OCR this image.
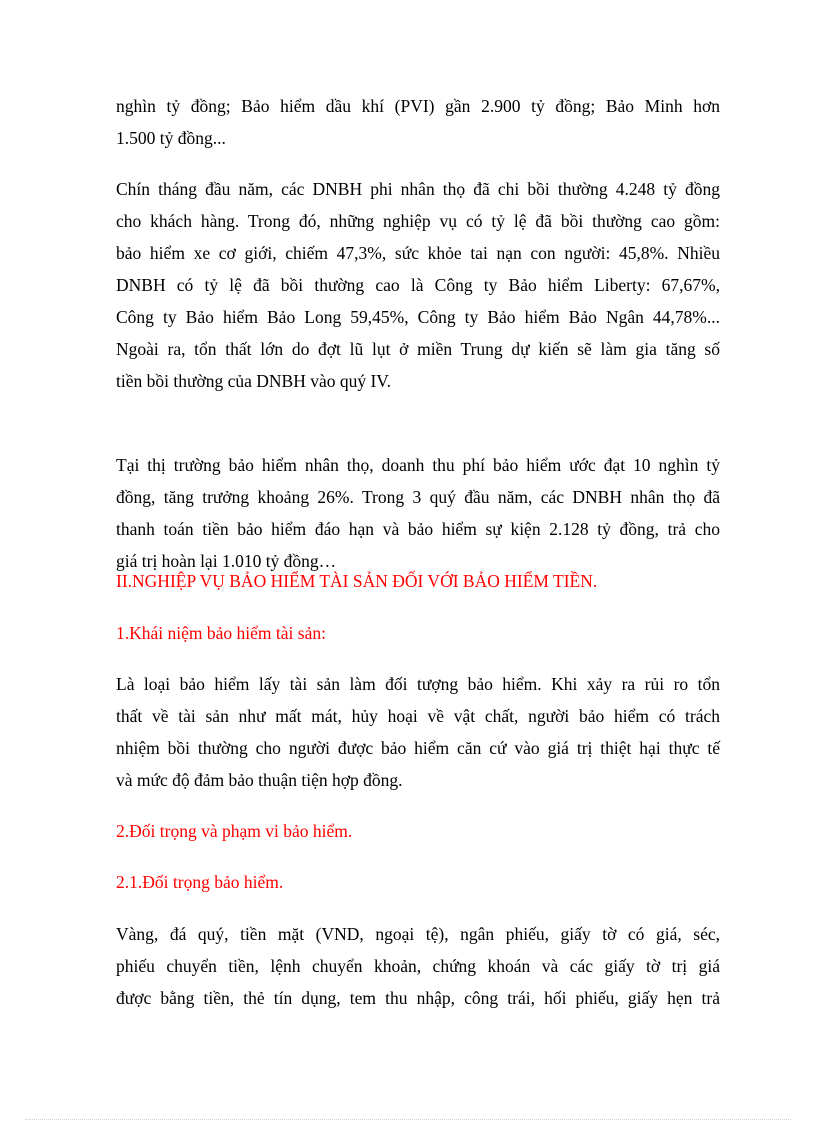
nghìn tỷ đồng; Bảo hiểm dầu khí (PVI) gần 2.900 tỷ đồng; Bảo Minh hơn
1.500 tỷ đồng...
Chín tháng đầu năm, các DNBH phi nhân thọ đã chi bồi thường 4.248 tỷ đồng
cho khách hàng. Trong đó, những nghiệp vụ có tỷ lệ đã bồi thường cao gồm:
bảo hiểm xe cơ giới, chiếm 47,3%, sức khỏe tai nạn con người: 45,8%. Nhiều
DNBH có tỷ lệ đã bồi thường cao là Công ty Bảo hiểm Liberty: 67,67%,
Công ty Bảo hiểm Bảo Long 59,45%, Công ty Bảo hiểm Bảo Ngân 44,78%...
Ngoài ra, tổn thất lớn do đợt lũ lụt ở miền Trung dự kiến sẽ làm gia tăng số
tiền bồi thường của DNBH vào quý IV.
Tại thị trường bảo hiểm nhân thọ, doanh thu phí bảo hiểm ước đạt 10 nghìn tỷ
đồng, tăng trưởng khoảng 26%. Trong 3 quý đầu năm, các DNBH nhân thọ đã
thanh toán tiền bảo hiểm đáo hạn và bảo hiểm sự kiện 2.128 tỷ đồng, trả cho
giá trị hoàn lại 1.010 tỷ đồng…

II.NGHIỆP VỤ BẢO HIỂM TÀI SẢN ĐỐI VỚI BẢO HIỂM TIỀN.

1.Khái niệm bảo hiểm tài sản:

Là loại bảo hiểm lấy tài sản làm đối tượng bảo hiểm. Khi xảy ra rủi ro tổn
thất về tài sản như mất mát, hủy hoại về vật chất, người bảo hiểm có trách
nhiệm bồi thường cho người được bảo hiểm căn cứ vào giá trị thiệt hại thực tế
và mức độ đảm bảo thuận tiện hợp đồng.

2.Đối trọng và phạm vi bảo hiểm.

2.1.Đối trọng bảo hiểm.

Vàng, đá quý, tiền mặt (VND, ngoại tệ), ngân phiếu, giấy tờ có giá, séc,
phiếu chuyển tiền, lệnh chuyển khoản, chứng khoán và các giấy tờ trị giá
được bằng tiền, thẻ tín dụng, tem thu nhập, công trái, hối phiếu, giấy hẹn trả
